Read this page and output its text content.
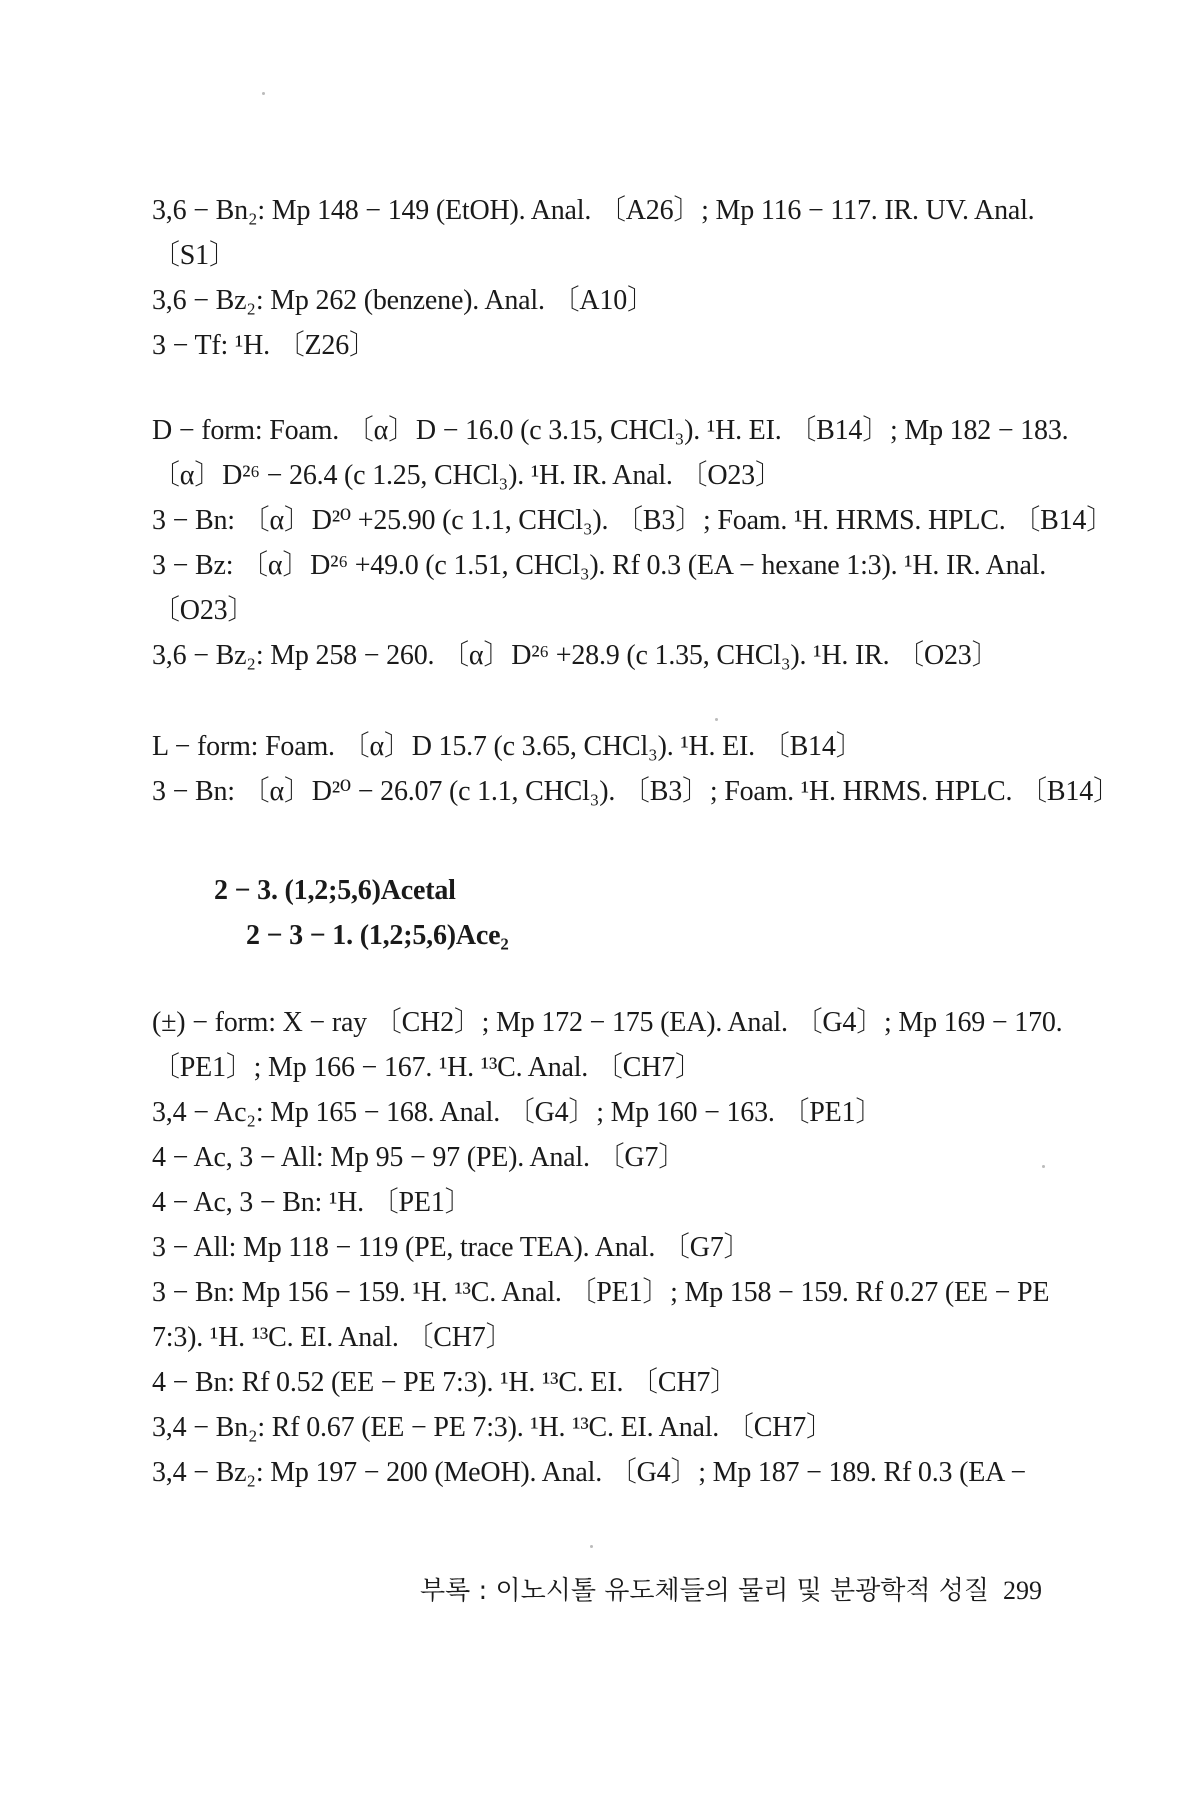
3,6 − Bn₂: Mp 148 − 149 (EtOH). Anal. 〔A26〕; Mp 116 − 117. IR. UV. Anal.
〔S1〕
3,6 − Bz₂: Mp 262 (benzene). Anal. 〔A10〕
3 − Tf: ¹H. 〔Z26〕
D − form: Foam. 〔α〕D − 16.0 (c 3.15, CHCl₃). ¹H. EI. 〔B14〕; Mp 182 − 183.
〔α〕D²⁶ − 26.4 (c 1.25, CHCl₃). ¹H. IR. Anal. 〔O23〕
3 − Bn: 〔α〕D²⁰ +25.90 (c 1.1, CHCl₃). 〔B3〕; Foam. ¹H. HRMS. HPLC. 〔B14〕
3 − Bz: 〔α〕D²⁶ +49.0 (c 1.51, CHCl₃). Rf 0.3 (EA − hexane 1:3). ¹H. IR. Anal.
〔O23〕
3,6 − Bz₂: Mp 258 − 260. 〔α〕D²⁶ +28.9 (c 1.35, CHCl₃). ¹H. IR. 〔O23〕
L − form: Foam. 〔α〕D 15.7 (c 3.65, CHCl₃). ¹H. EI. 〔B14〕
3 − Bn: 〔α〕D²⁰ − 26.07 (c 1.1, CHCl₃). 〔B3〕; Foam. ¹H. HRMS. HPLC. 〔B14〕
2 − 3. (1,2;5,6)Acetal
2 − 3 − 1. (1,2;5,6)Ace₂
(±) − form: X − ray 〔CH2〕; Mp 172 − 175 (EA). Anal. 〔G4〕; Mp 169 − 170.
〔PE1〕; Mp 166 − 167. ¹H. ¹³C. Anal. 〔CH7〕
3,4 − Ac₂: Mp 165 − 168. Anal. 〔G4〕; Mp 160 − 163. 〔PE1〕
4 − Ac, 3 − All: Mp 95 − 97 (PE). Anal. 〔G7〕
4 − Ac, 3 − Bn: ¹H. 〔PE1〕
3 − All: Mp 118 − 119 (PE, trace TEA). Anal. 〔G7〕
3 − Bn: Mp 156 − 159. ¹H. ¹³C. Anal. 〔PE1〕; Mp 158 − 159. Rf 0.27 (EE − PE
7:3). ¹H. ¹³C. EI. Anal. 〔CH7〕
4 − Bn: Rf 0.52 (EE − PE 7:3). ¹H. ¹³C. EI. 〔CH7〕
3,4 − Bn₂: Rf 0.67 (EE − PE 7:3). ¹H. ¹³C. EI. Anal. 〔CH7〕
3,4 − Bz₂: Mp 197 − 200 (MeOH). Anal. 〔G4〕; Mp 187 − 189. Rf 0.3 (EA −
부록 : 이노시톨 유도체들의 물리 및 분광학적 성질 299
